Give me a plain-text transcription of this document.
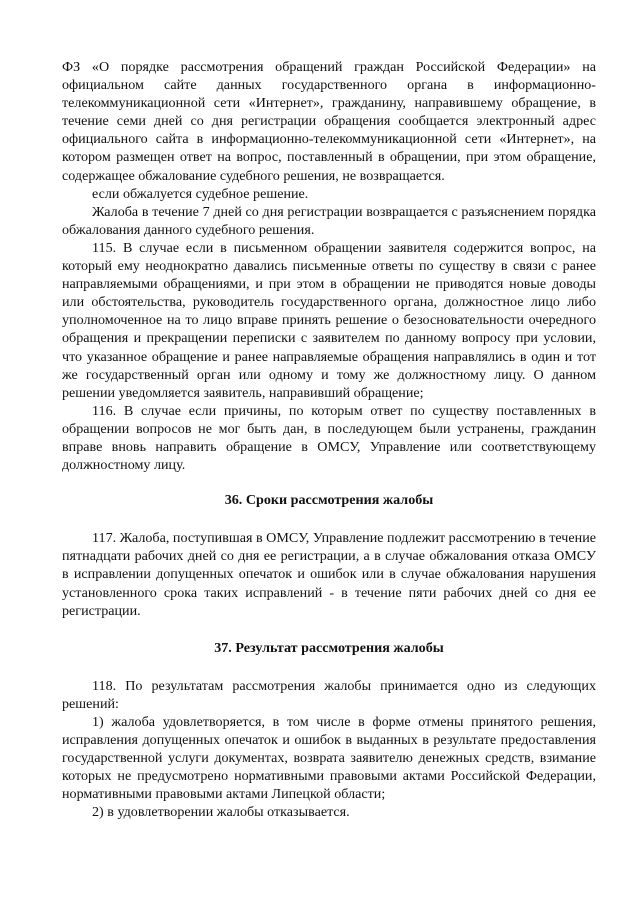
ФЗ «О порядке рассмотрения обращений граждан Российской Федерации» на официальном сайте данных государственного органа в информационно-телекоммуникационной сети «Интернет», гражданину, направившему обращение, в течение семи дней со дня регистрации обращения сообщается электронный адрес официального сайта в информационно-телекоммуникационной сети «Интернет», на котором размещен ответ на вопрос, поставленный в обращении, при этом обращение, содержащее обжалование судебного решения, не возвращается.

если обжалуется судебное решение.

Жалоба в течение 7 дней со дня регистрации возвращается с разъяснением порядка обжалования данного судебного решения.

115. В случае если в письменном обращении заявителя содержится вопрос, на который ему неоднократно давались письменные ответы по существу в связи с ранее направляемыми обращениями, и при этом в обращении не приводятся новые доводы или обстоятельства, руководитель государственного органа, должностное лицо либо уполномоченное на то лицо вправе принять решение о безосновательности очередного обращения и прекращении переписки с заявителем по данному вопросу при условии, что указанное обращение и ранее направляемые обращения направлялись в один и тот же государственный орган или одному и тому же должностному лицу. О данном решении уведомляется заявитель, направивший обращение;

116. В случае если причины, по которым ответ по существу поставленных в обращении вопросов не мог быть дан, в последующем были устранены, гражданин вправе вновь направить обращение в ОМСУ, Управление или соответствующему должностному лицу.

36. Сроки рассмотрения жалобы

117. Жалоба, поступившая в ОМСУ, Управление подлежит рассмотрению в течение пятнадцати рабочих дней со дня ее регистрации, а в случае обжалования отказа ОМСУ в исправлении допущенных опечаток и ошибок или в случае обжалования нарушения установленного срока таких исправлений - в течение пяти рабочих дней со дня ее регистрации.

37. Результат рассмотрения жалобы

118. По результатам рассмотрения жалобы принимается одно из следующих решений:

1) жалоба удовлетворяется, в том числе в форме отмены принятого решения, исправления допущенных опечаток и ошибок в выданных в результате предоставления государственной услуги документах, возврата заявителю денежных средств, взимание которых не предусмотрено нормативными правовыми актами Российской Федерации, нормативными правовыми актами Липецкой области;

2) в удовлетворении жалобы отказывается.
